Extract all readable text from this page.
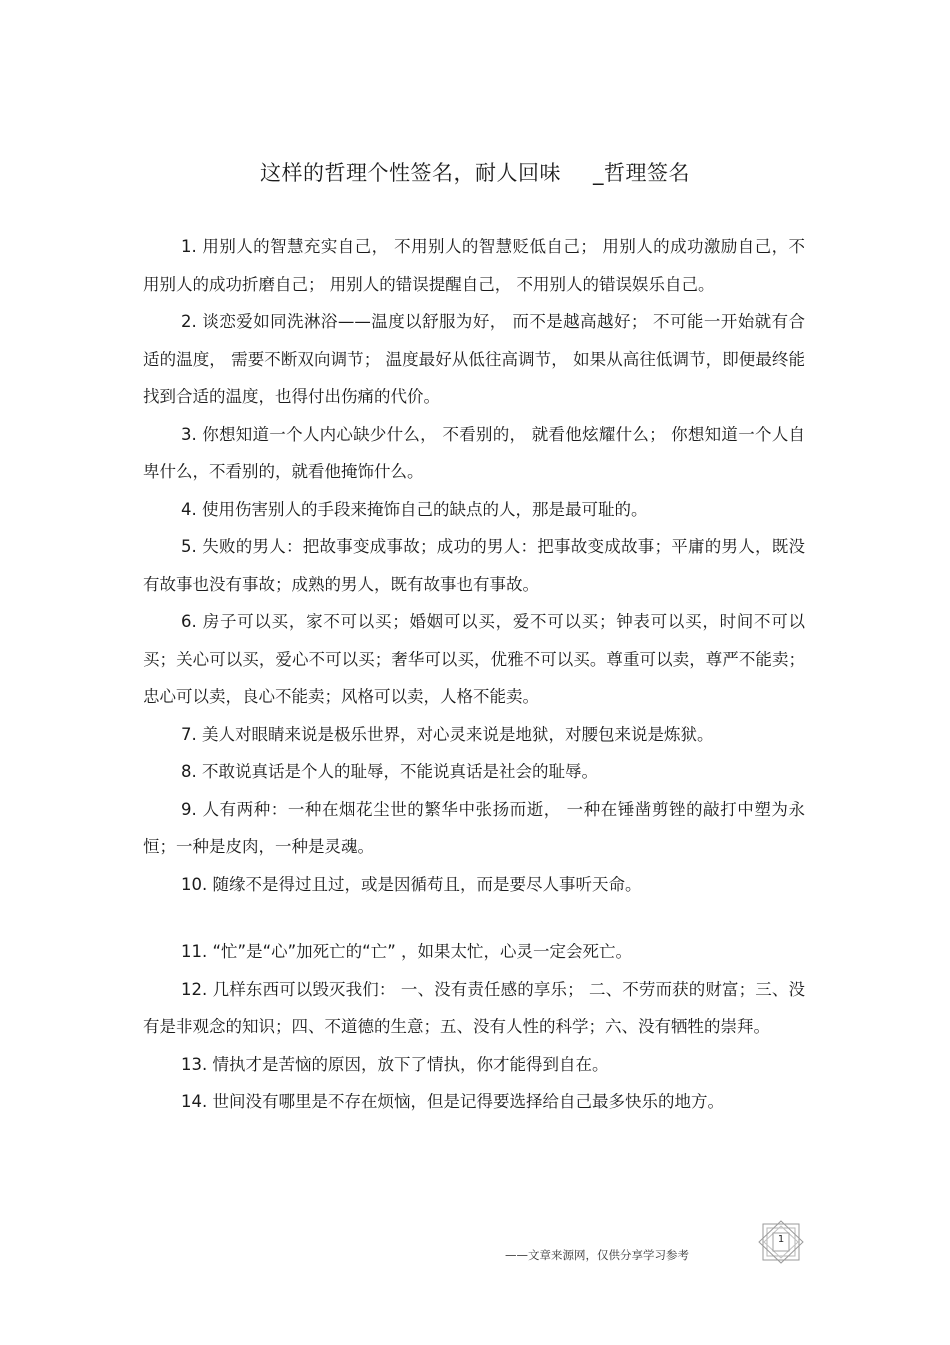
这样的哲理个性签名，耐人回味 _哲理签名

1. 用别人的智慧充实自己， 不用别人的智慧贬低自己； 用别人的成功激励自己，不用别人的成功折磨自己； 用别人的错误提醒自己， 不用别人的错误娱乐自己。

2. 谈恋爱如同洗淋浴——温度以舒服为好， 而不是越高越好； 不可能一开始就有合适的温度， 需要不断双向调节； 温度最好从低往高调节， 如果从高往低调节，即便最终能找到合适的温度，也得付出伤痛的代价。

3. 你想知道一个人内心缺少什么， 不看别的， 就看他炫耀什么； 你想知道一个人自卑什么，不看别的，就看他掩饰什么。

4. 使用伤害别人的手段来掩饰自己的缺点的人，那是最可耻的。

5. 失败的男人：把故事变成事故；成功的男人：把事故变成故事；平庸的男人，既没有故事也没有事故；成熟的男人，既有故事也有事故。

6. 房子可以买，家不可以买；婚姻可以买，爱不可以买；钟表可以买，时间不可以买；关心可以买，爱心不可以买；奢华可以买，优雅不可以买。尊重可以卖，尊严不能卖；忠心可以卖，良心不能卖；风格可以卖，人格不能卖。

7. 美人对眼睛来说是极乐世界，对心灵来说是地狱，对腰包来说是炼狱。

8. 不敢说真话是个人的耻辱，不能说真话是社会的耻辱。

9. 人有两种：一种在烟花尘世的繁华中张扬而逝， 一种在锤凿剪锉的敲打中塑为永恒；一种是皮肉，一种是灵魂。

10. 随缘不是得过且过，或是因循苟且，而是要尽人事听天命。

11. “忙”是“心”加死亡的“亡” ，如果太忙，心灵一定会死亡。

12. 几样东西可以毁灭我们： 一、没有责任感的享乐； 二、不劳而获的财富；三、没有是非观念的知识；四、不道德的生意；五、没有人性的科学；六、没有牺牲的崇拜。

13. 情执才是苦恼的原因，放下了情执，你才能得到自在。

14. 世间没有哪里是不存在烦恼，但是记得要选择给自己最多快乐的地方。

——文章来源网，仅供分享学习参考
1
